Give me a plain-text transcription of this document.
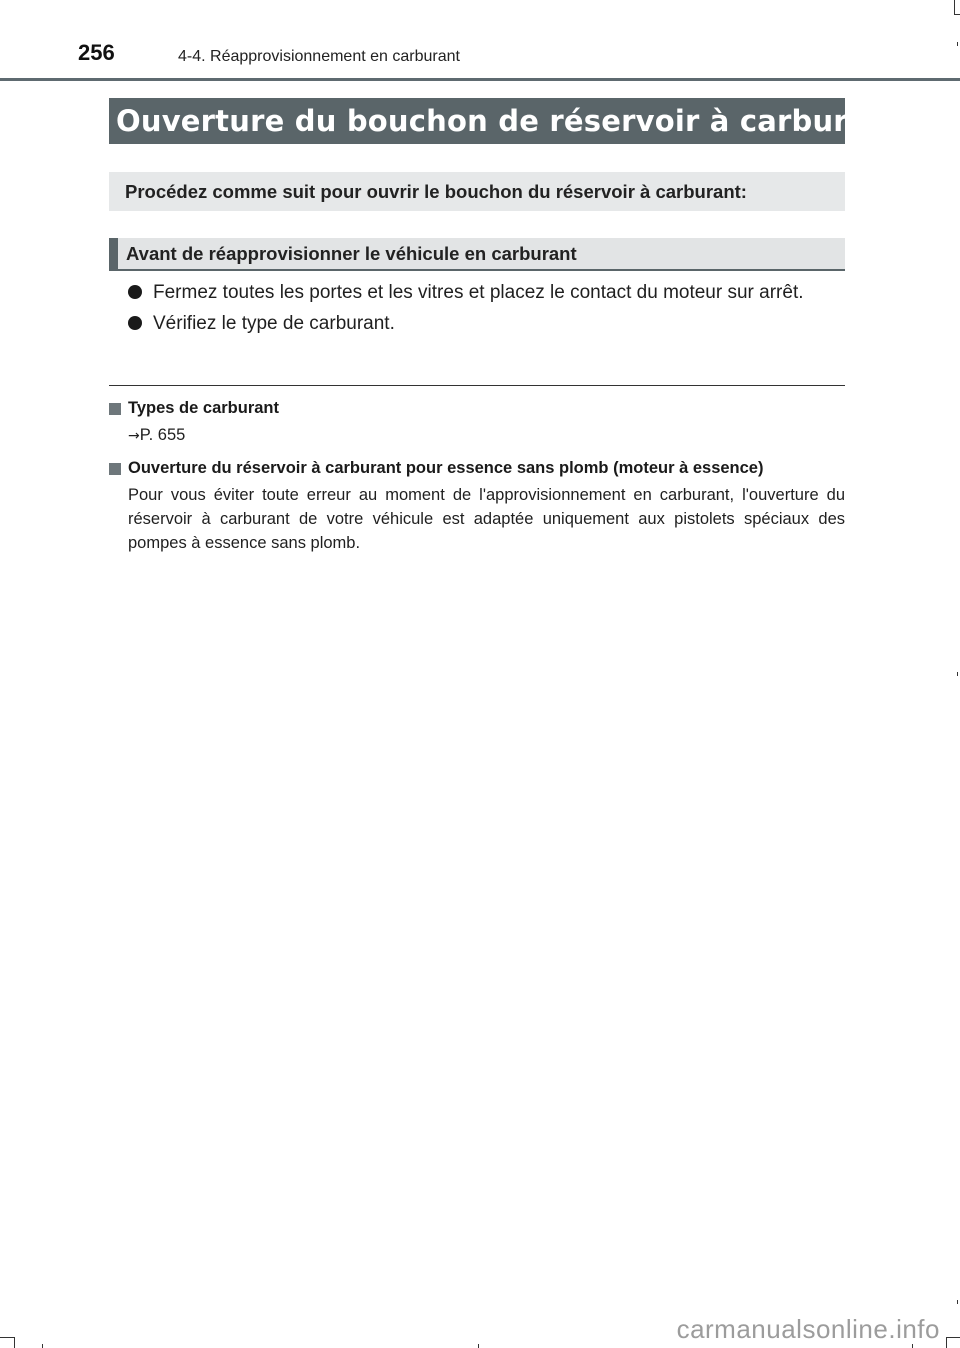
256	4-4. Réapprovisionnement en carburant
Ouverture du bouchon de réservoir à carburant
Procédez comme suit pour ouvrir le bouchon du réservoir à carburant:
Avant de réapprovisionner le véhicule en carburant
Fermez toutes les portes et les vitres et placez le contact du moteur sur arrêt.
Vérifiez le type de carburant.
Types de carburant
→P. 655
Ouverture du réservoir à carburant pour essence sans plomb (moteur à essence)
Pour vous éviter toute erreur au moment de l'approvisionnement en carburant, l'ouverture du réservoir à carburant de votre véhicule est adaptée uniquement aux pistolets spéciaux des pompes à essence sans plomb.
carmanualsonline.info
